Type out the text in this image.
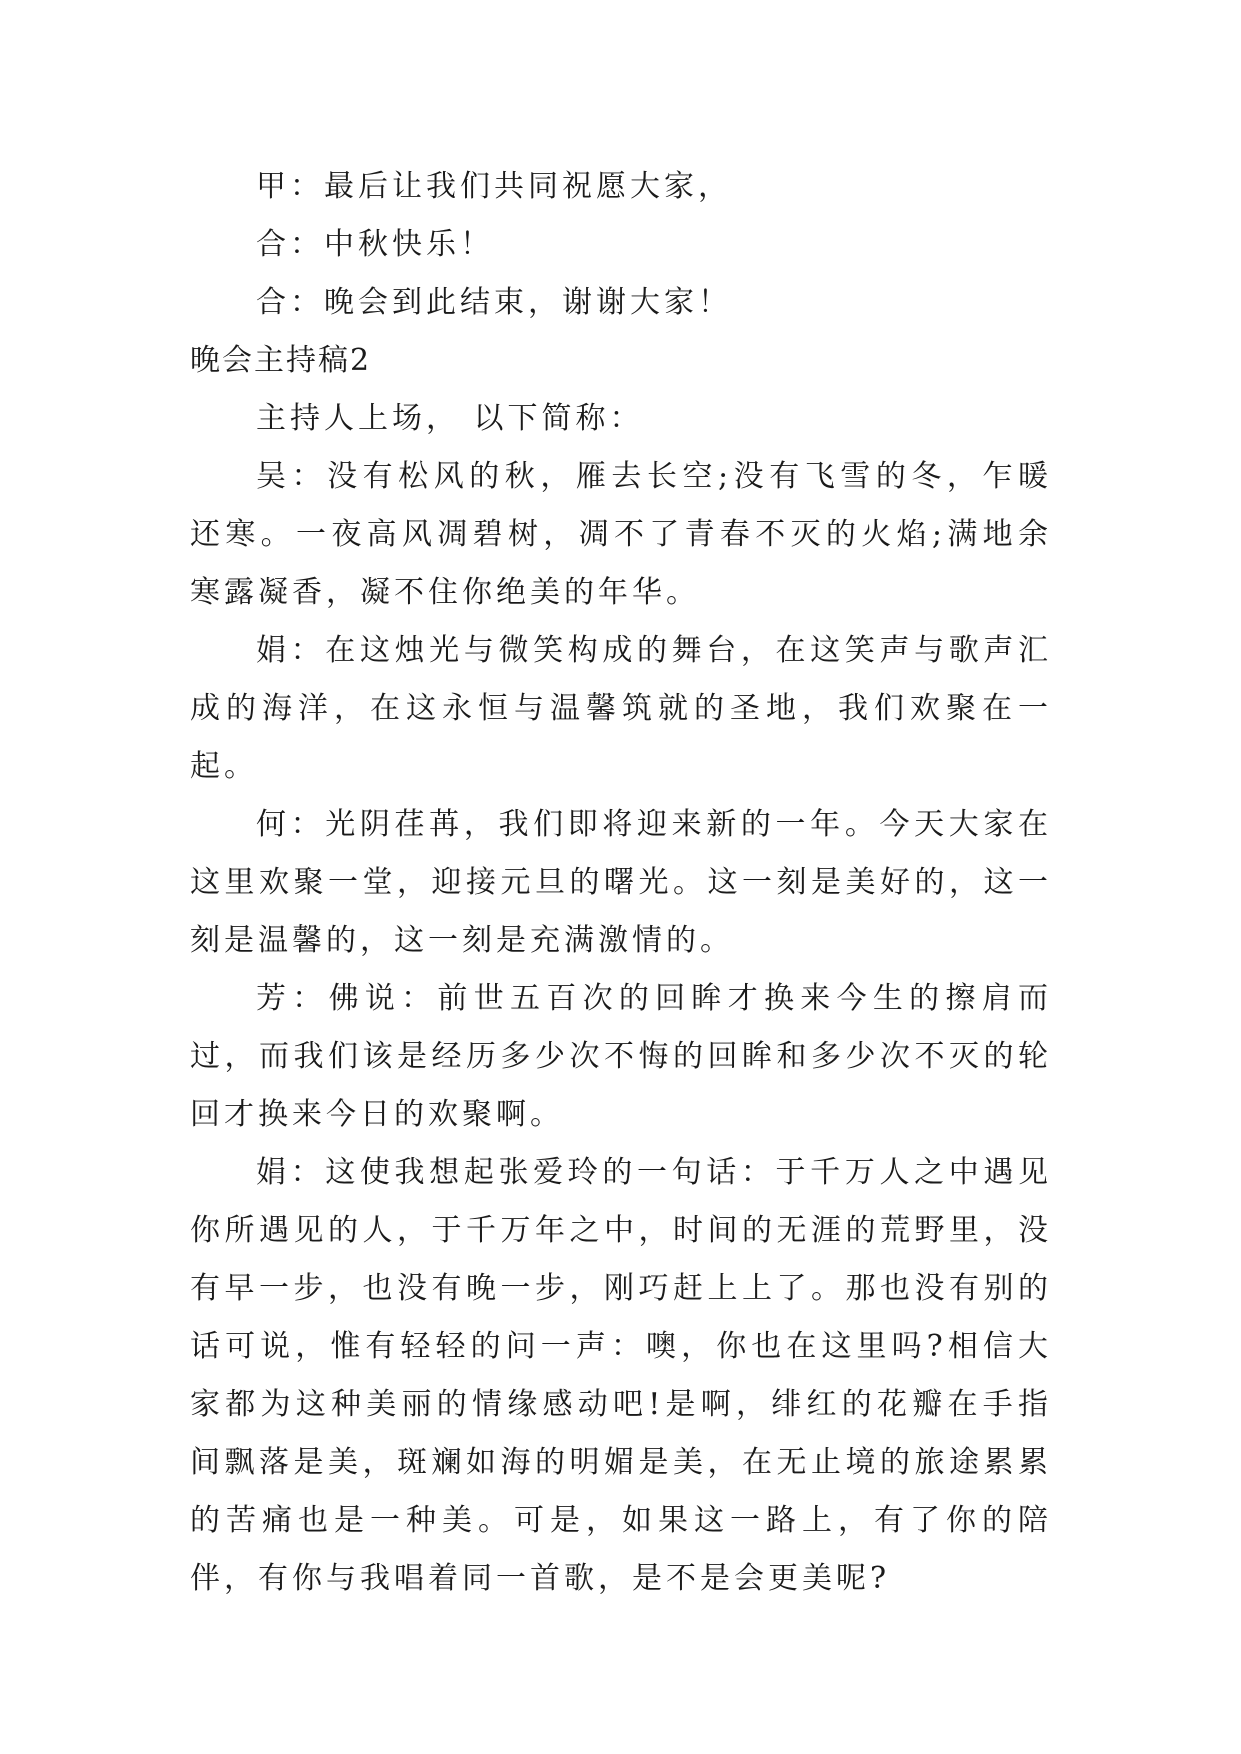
甲：最后让我们共同祝愿大家，

合：中秋快乐！

合：晚会到此结束，谢谢大家！

晚会主持稿2

主持人上场， 以下简称：

吴：没有松风的秋，雁去长空;没有飞雪的冬，乍暖还寒。一夜高风凋碧树，凋不了青春不灭的火焰;满地余寒露凝香，凝不住你绝美的年华。

娟：在这烛光与微笑构成的舞台，在这笑声与歌声汇成的海洋，在这永恒与温馨筑就的圣地，我们欢聚在一起。

何：光阴荏苒，我们即将迎来新的一年。今天大家在这里欢聚一堂，迎接元旦的曙光。这一刻是美好的，这一刻是温馨的，这一刻是充满激情的。

芳：佛说：前世五百次的回眸才换来今生的擦肩而过，而我们该是经历多少次不悔的回眸和多少次不灭的轮回才换来今日的欢聚啊。

娟：这使我想起张爱玲的一句话：于千万人之中遇见你所遇见的人，于千万年之中，时间的无涯的荒野里，没有早一步，也没有晚一步，刚巧赶上上了。那也没有别的话可说，惟有轻轻的问一声：噢，你也在这里吗?相信大家都为这种美丽的情缘感动吧!是啊，绯红的花瓣在手指间飘落是美，斑斓如海的明媚是美，在无止境的旅途累累的苦痛也是一种美。可是，如果这一路上，有了你的陪伴，有你与我唱着同一首歌，是不是会更美呢?
